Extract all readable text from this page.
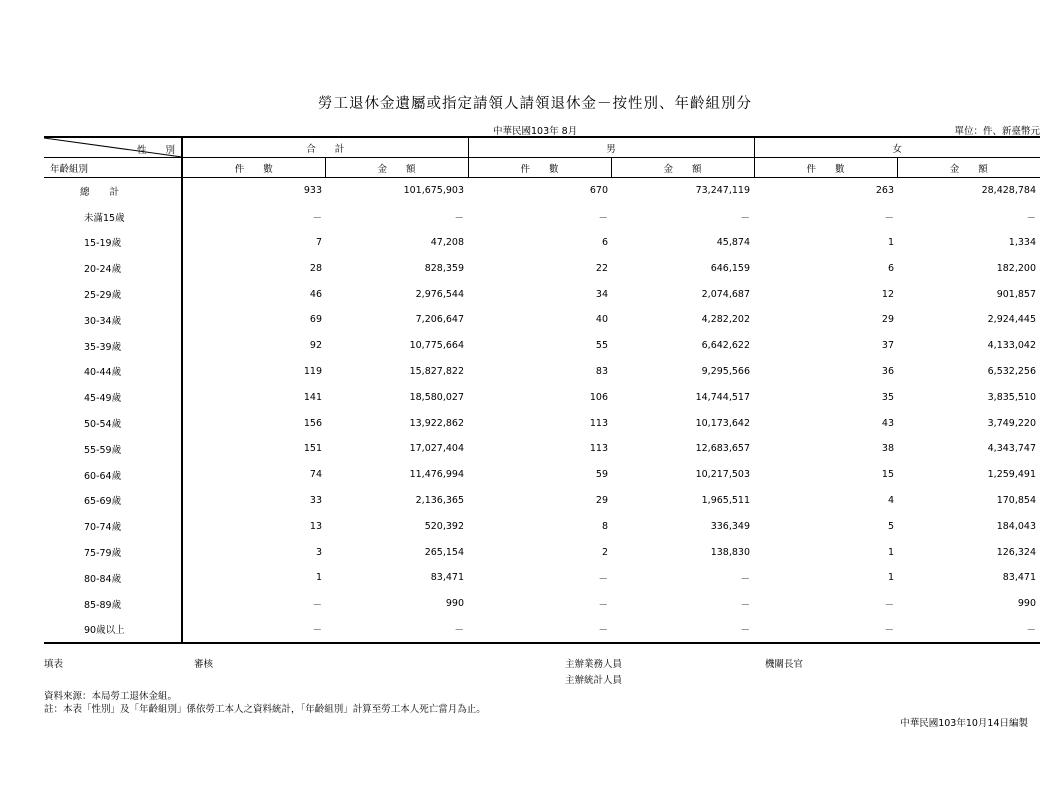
勞工退休金遺屬或指定請領人請領退休金－按性別、年齡組別分
中華民國103年 8月	單位：件、新臺幣元

性　　別	合　　計		男		女	
年齡組別	件　　數	金　　額	件　　數	金　　額	件　　數	金　　額
總計	933	101,675,903	670	73,247,119	263	28,428,784
未滿15歲	－	－	－	－	－	－
15-19歲	7	47,208	6	45,874	1	1,334
20-24歲	28	828,359	22	646,159	6	182,200
25-29歲	46	2,976,544	34	2,074,687	12	901,857
30-34歲	69	7,206,647	40	4,282,202	29	2,924,445
35-39歲	92	10,775,664	55	6,642,622	37	4,133,042
40-44歲	119	15,827,822	83	9,295,566	36	6,532,256
45-49歲	141	18,580,027	106	14,744,517	35	3,835,510
50-54歲	156	13,922,862	113	10,173,642	43	3,749,220
55-59歲	151	17,027,404	113	12,683,657	38	4,343,747
60-64歲	74	11,476,994	59	10,217,503	15	1,259,491
65-69歲	33	2,136,365	29	1,965,511	4	170,854
70-74歲	13	520,392	8	336,349	5	184,043
75-79歲	3	265,154	2	138,830	1	126,324
80-84歲	1	83,471	－	－	1	83,471
85-89歲	－	990	－	－	－	990
90歲以上	－	－	－	－	－	－

填表	審核	主辦業務人員
主辦統計人員
機關長官
資料來源：本局勞工退休金組。
註：本表「性別」及「年齡組別」係依勞工本人之資料統計，「年齡組別」計算至勞工本人死亡當月為止。
中華民國103年10月14日編製
